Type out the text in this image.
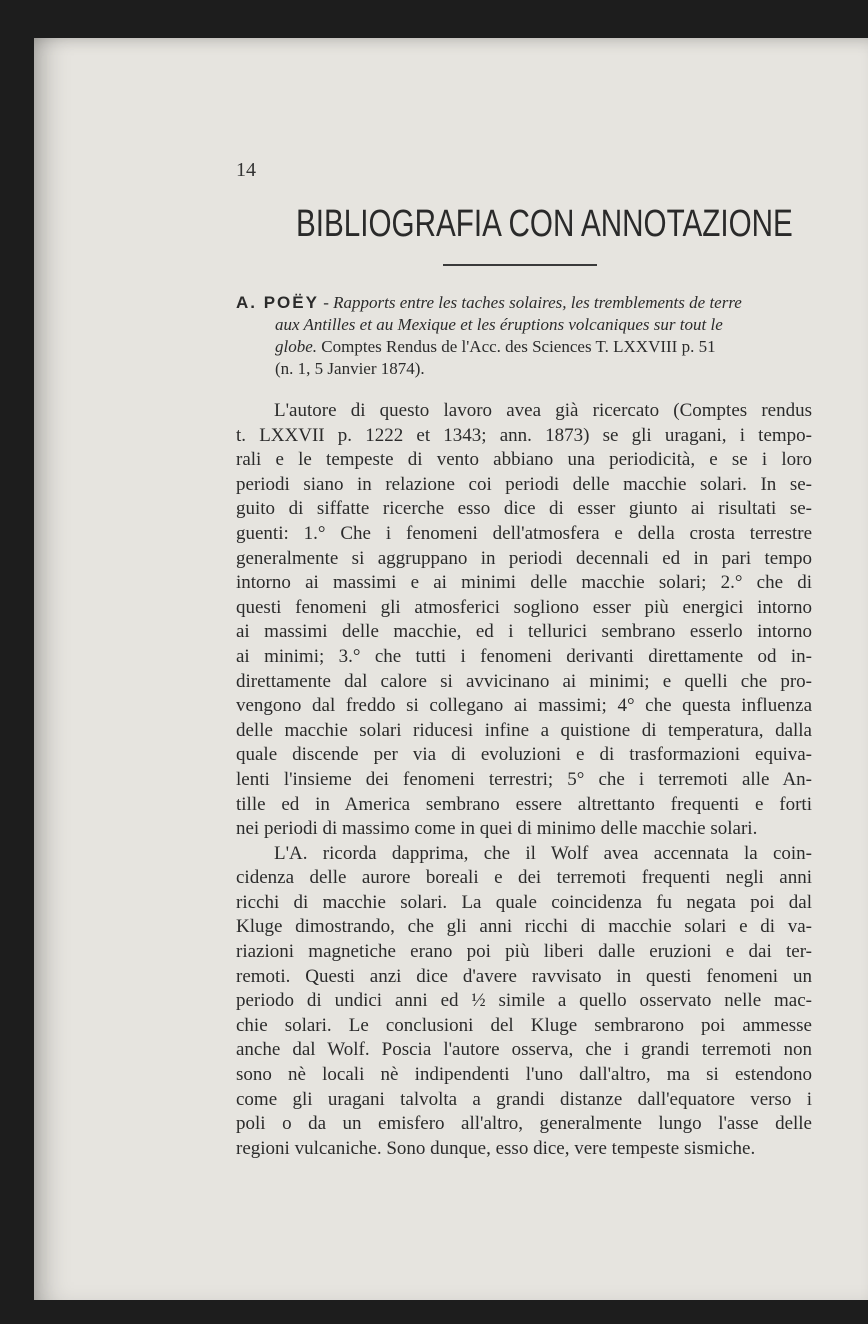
14
BIBLIOGRAFIA CON ANNOTAZIONE
A. POËY - Rapports entre les taches solaires, les tremblements de terre
aux Antilles et au Mexique et les éruptions volcaniques sur tout le
globe. Comptes Rendus de l'Acc. des Sciences T. LXXVIII p. 51
(n. 1, 5 Janvier 1874).
L'autore di questo lavoro avea già ricercato (Comptes rendus
t. LXXVII p. 1222 et 1343; ann. 1873) se gli uragani, i tempo-
rali e le tempeste di vento abbiano una periodicità, e se i loro
periodi siano in relazione coi periodi delle macchie solari. In se-
guito di siffatte ricerche esso dice di esser giunto ai risultati se-
guenti: 1.° Che i fenomeni dell'atmosfera e della crosta terrestre
generalmente si aggruppano in periodi decennali ed in pari tempo
intorno ai massimi e ai minimi delle macchie solari; 2.° che di
questi fenomeni gli atmosferici sogliono esser più energici intorno
ai massimi delle macchie, ed i tellurici sembrano esserlo intorno
ai minimi; 3.° che tutti i fenomeni derivanti direttamente od in-
direttamente dal calore si avvicinano ai minimi; e quelli che pro-
vengono dal freddo si collegano ai massimi; 4° che questa influenza
delle macchie solari riducesi infine a quistione di temperatura, dalla
quale discende per via di evoluzioni e di trasformazioni equiva-
lenti l'insieme dei fenomeni terrestri; 5° che i terremoti alle An-
tille ed in America sembrano essere altrettanto frequenti e forti
nei periodi di massimo come in quei di minimo delle macchie solari.
L'A. ricorda dapprima, che il Wolf avea accennata la coin-
cidenza delle aurore boreali e dei terremoti frequenti negli anni
ricchi di macchie solari. La quale coincidenza fu negata poi dal
Kluge dimostrando, che gli anni ricchi di macchie solari e di va-
riazioni magnetiche erano poi più liberi dalle eruzioni e dai ter-
remoti. Questi anzi dice d'avere ravvisato in questi fenomeni un
periodo di undici anni ed ½ simile a quello osservato nelle mac-
chie solari. Le conclusioni del Kluge sembrarono poi ammesse
anche dal Wolf. Poscia l'autore osserva, che i grandi terremoti non
sono nè locali nè indipendenti l'uno dall'altro, ma si estendono
come gli uragani talvolta a grandi distanze dall'equatore verso i
poli o da un emisfero all'altro, generalmente lungo l'asse delle
regioni vulcaniche. Sono dunque, esso dice, vere tempeste sismiche.
